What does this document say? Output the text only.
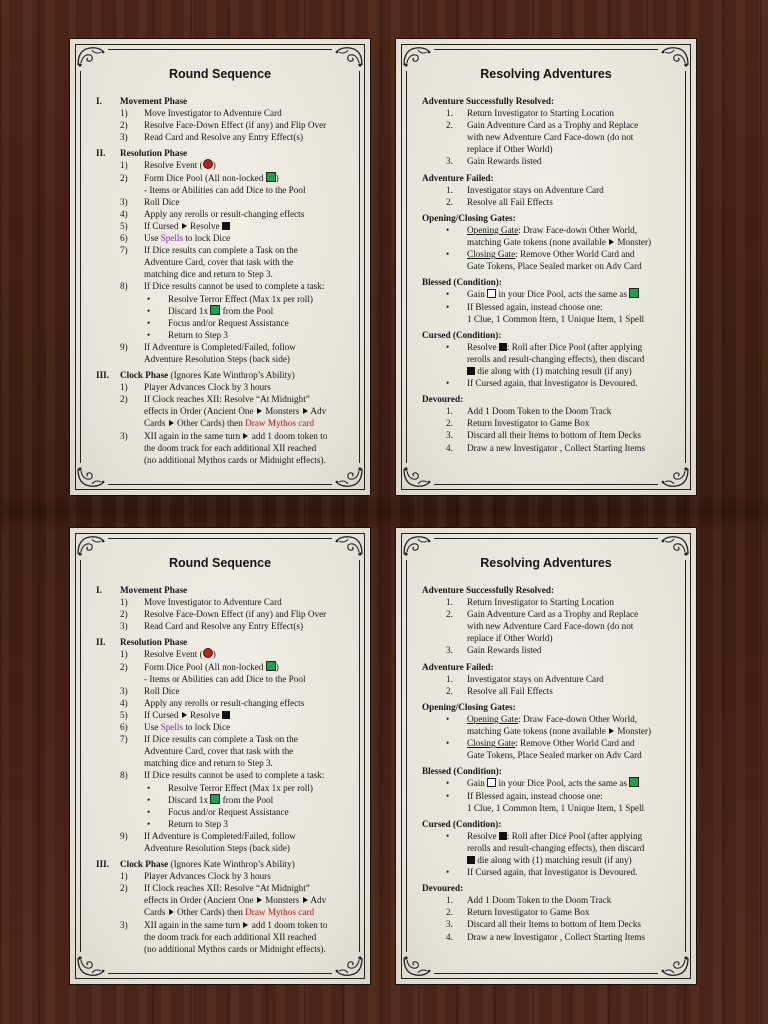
Round Sequence
I. Movement Phase
1) Move Investigator to Adventure Card
2) Resolve Face-Down Effect (if any) and Flip Over
3) Read Card and Resolve any Entry Effect(s)
II. Resolution Phase
1) Resolve Event ( )
2) Form Dice Pool (All non-locked )
- Items or Abilities can add Dice to the Pool
3) Roll Dice
4) Apply any rerolls or result-changing effects
5) If Cursed Resolve
6) Use Spells to lock Dice
7) If Dice results can complete a Task on the
Adventure Card, cover that task with the
matching dice and return to Step 3.
8) If Dice results cannot be used to complete a task:
• Resolve Terror Effect (Max 1x per roll)
• Discard 1x  from the Pool
• Focus and/or Request Assistance
• Return to Step 3
9) If Adventure is Completed/Failed, follow
Adventure Resolution Steps (back side)
III. Clock Phase (Ignores Kate Winthrop’s Ability)
1) Player Advances Clock by 3 hours
2) If Clock reaches XII: Resolve “At Midnight”
effects in Order (Ancient One Monsters Adv
Cards Other Cards) then Draw Mythos card
3) XII again in the same turn add 1 doom token to
the doom track for each additional XII reached
(no additional Mythos cards or Midnight effects).
Resolving Adventures
Adventure Successfully Resolved:
1. Return Investigator to Starting Location
2. Gain Adventure Card as a Trophy and Replace
with new Adventure Card Face-down (do not
replace if Other World)
3. Gain Rewards listed
Adventure Failed:
1. Investigator stays on Adventure Card
2. Resolve all Fail Effects
Opening/Closing Gates:
• Opening Gate: Draw Face-down Other World,
matching Gate tokens (none available Monster)
• Closing Gate: Remove Other World Card and
Gate Tokens, Place Sealed marker on Adv Card
Blessed (Condition):
• Gain  in your Dice Pool, acts the same as
• If Blessed again, instead choose one:
1 Clue, 1 Common Item, 1 Unique Item, 1 Spell
Cursed (Condition):
• Resolve : Roll after Dice Pool (after applying
rerolls and result-changing effects), then discard
die along with (1) matching result (if any)
• If Cursed again, that Investigator is Devoured.
Devoured:
1. Add 1 Doom Token to the Doom Track
2. Return Investigator to Game Box
3. Discard all their Items to bottom of Item Decks
4. Draw a new Investigator , Collect Starting Items
Round Sequence
I. Movement Phase
1) Move Investigator to Adventure Card
2) Resolve Face-Down Effect (if any) and Flip Over
3) Read Card and Resolve any Entry Effect(s)
II. Resolution Phase
1) Resolve Event ( )
2) Form Dice Pool (All non-locked )
- Items or Abilities can add Dice to the Pool
3) Roll Dice
4) Apply any rerolls or result-changing effects
5) If Cursed Resolve
6) Use Spells to lock Dice
7) If Dice results can complete a Task on the
Adventure Card, cover that task with the
matching dice and return to Step 3.
8) If Dice results cannot be used to complete a task:
• Resolve Terror Effect (Max 1x per roll)
• Discard 1x  from the Pool
• Focus and/or Request Assistance
• Return to Step 3
9) If Adventure is Completed/Failed, follow
Adventure Resolution Steps (back side)
III. Clock Phase (Ignores Kate Winthrop’s Ability)
1) Player Advances Clock by 3 hours
2) If Clock reaches XII: Resolve “At Midnight”
effects in Order (Ancient One Monsters Adv
Cards Other Cards) then Draw Mythos card
3) XII again in the same turn add 1 doom token to
the doom track for each additional XII reached
(no additional Mythos cards or Midnight effects).
Resolving Adventures
Adventure Successfully Resolved:
1. Return Investigator to Starting Location
2. Gain Adventure Card as a Trophy and Replace
with new Adventure Card Face-down (do not
replace if Other World)
3. Gain Rewards listed
Adventure Failed:
1. Investigator stays on Adventure Card
2. Resolve all Fail Effects
Opening/Closing Gates:
• Opening Gate: Draw Face-down Other World,
matching Gate tokens (none available Monster)
• Closing Gate: Remove Other World Card and
Gate Tokens, Place Sealed marker on Adv Card
Blessed (Condition):
• Gain  in your Dice Pool, acts the same as
• If Blessed again, instead choose one:
1 Clue, 1 Common Item, 1 Unique Item, 1 Spell
Cursed (Condition):
• Resolve : Roll after Dice Pool (after applying
rerolls and result-changing effects), then discard
die along with (1) matching result (if any)
• If Cursed again, that Investigator is Devoured.
Devoured:
1. Add 1 Doom Token to the Doom Track
2. Return Investigator to Game Box
3. Discard all their Items to bottom of Item Decks
4. Draw a new Investigator , Collect Starting Items
